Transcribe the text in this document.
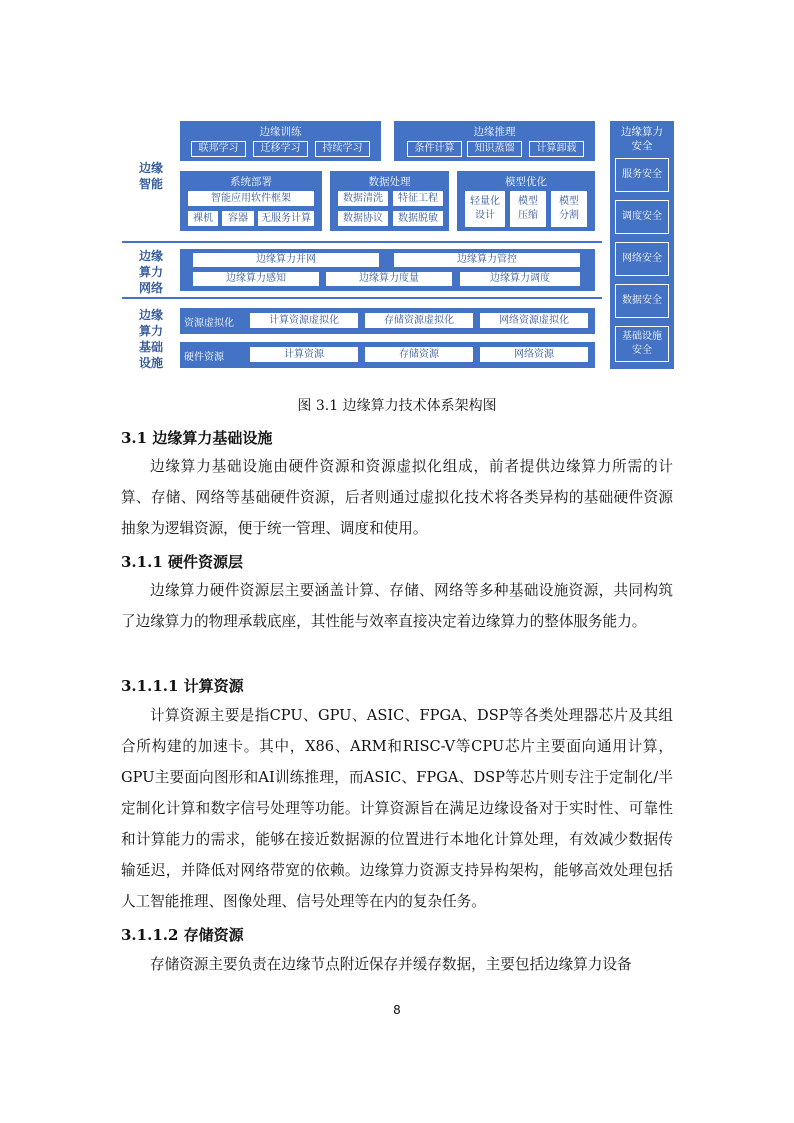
边缘
智能
边缘
算力
网络
边缘
算力
基础
设施
边缘训练
联邦学习	迁移学习	持续学习
边缘推理
条件计算	知识蒸馏	计算卸载
系统部署
智能应用软件框架
裸机	容器	无服务计算
数据处理
数据清洗	特征工程
数据协议	数据脱敏
模型优化
轻量化
设计
模型
压缩
模型
分割
边缘算力并网	边缘算力管控
边缘算力感知	边缘算力度量	边缘算力调度
资源虚拟化	计算资源虚拟化	存储资源虚拟化	网络资源虚拟化
硬件资源	计算资源	存储资源	网络资源
边缘算力
安全
服务安全
调度安全
网络安全
数据安全
基础设施
安全
图 3.1 边缘算力技术体系架构图
3.1 边缘算力基础设施

边缘算力基础设施由硬件资源和资源虚拟化组成，前者提供边缘算力所需的计算、存储、网络等基础硬件资源，后者则通过虚拟化技术将各类异构的基础硬件资源抽象为逻辑资源，便于统一管理、调度和使用。

3.1.1 硬件资源层

边缘算力硬件资源层主要涵盖计算、存储、网络等多种基础设施资源，共同构筑了边缘算力的物理承载底座，其性能与效率直接决定着边缘算力的整体服务能力。

3.1.1.1 计算资源

计算资源主要是指CPU、GPU、ASIC、FPGA、DSP等各类处理器芯片及其组合所构建的加速卡。其中，X86、ARM和RISC-V等CPU芯片主要面向通用计算，GPU主要面向图形和AI训练推理，而ASIC、FPGA、DSP等芯片则专注于定制化/半定制化计算和数字信号处理等功能。计算资源旨在满足边缘设备对于实时性、可靠性和计算能力的需求，能够在接近数据源的位置进行本地化计算处理，有效减少数据传输延迟，并降低对网络带宽的依赖。边缘算力资源支持异构架构，能够高效处理包括人工智能推理、图像处理、信号处理等在内的复杂任务。

3.1.1.2 存储资源

存储资源主要负责在边缘节点附近保存并缓存数据，主要包括边缘算力设备

8
